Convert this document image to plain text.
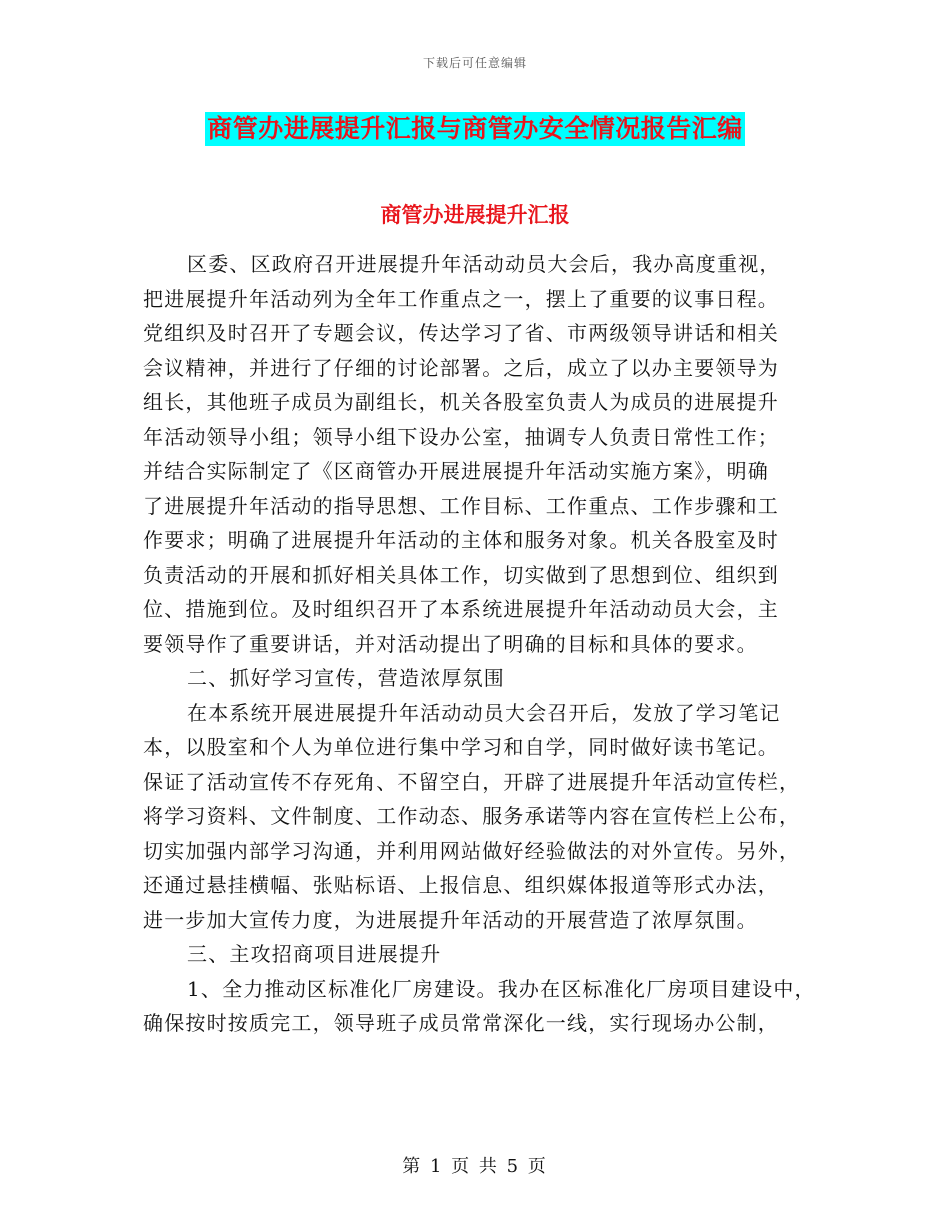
下载后可任意编辑
商管办进展提升汇报与商管办安全情况报告汇编
商管办进展提升汇报
区委、区政府召开进展提升年活动动员大会后，我办高度重视，
把进展提升年活动列为全年工作重点之一，摆上了重要的议事日程。
党组织及时召开了专题会议，传达学习了省、市两级领导讲话和相关
会议精神，并进行了仔细的讨论部署。之后，成立了以办主要领导为
组长，其他班子成员为副组长，机关各股室负责人为成员的进展提升
年活动领导小组；领导小组下设办公室，抽调专人负责日常性工作；
并结合实际制定了《区商管办开展进展提升年活动实施方案》，明确
了进展提升年活动的指导思想、工作目标、工作重点、工作步骤和工
作要求；明确了进展提升年活动的主体和服务对象。机关各股室及时
负责活动的开展和抓好相关具体工作，切实做到了思想到位、组织到
位、措施到位。及时组织召开了本系统进展提升年活动动员大会，主
要领导作了重要讲话，并对活动提出了明确的目标和具体的要求。
二、抓好学习宣传，营造浓厚氛围
在本系统开展进展提升年活动动员大会召开后，发放了学习笔记
本，以股室和个人为单位进行集中学习和自学，同时做好读书笔记。
保证了活动宣传不存死角、不留空白，开辟了进展提升年活动宣传栏，
将学习资料、文件制度、工作动态、服务承诺等内容在宣传栏上公布，
切实加强内部学习沟通，并利用网站做好经验做法的对外宣传。另外，
还通过悬挂横幅、张贴标语、上报信息、组织媒体报道等形式办法，
进一步加大宣传力度，为进展提升年活动的开展营造了浓厚氛围。
三、主攻招商项目进展提升
1、全力推动区标准化厂房建设。我办在区标准化厂房项目建设中，
确保按时按质完工，领导班子成员常常深化一线，实行现场办公制，
第 1 页 共 5 页
